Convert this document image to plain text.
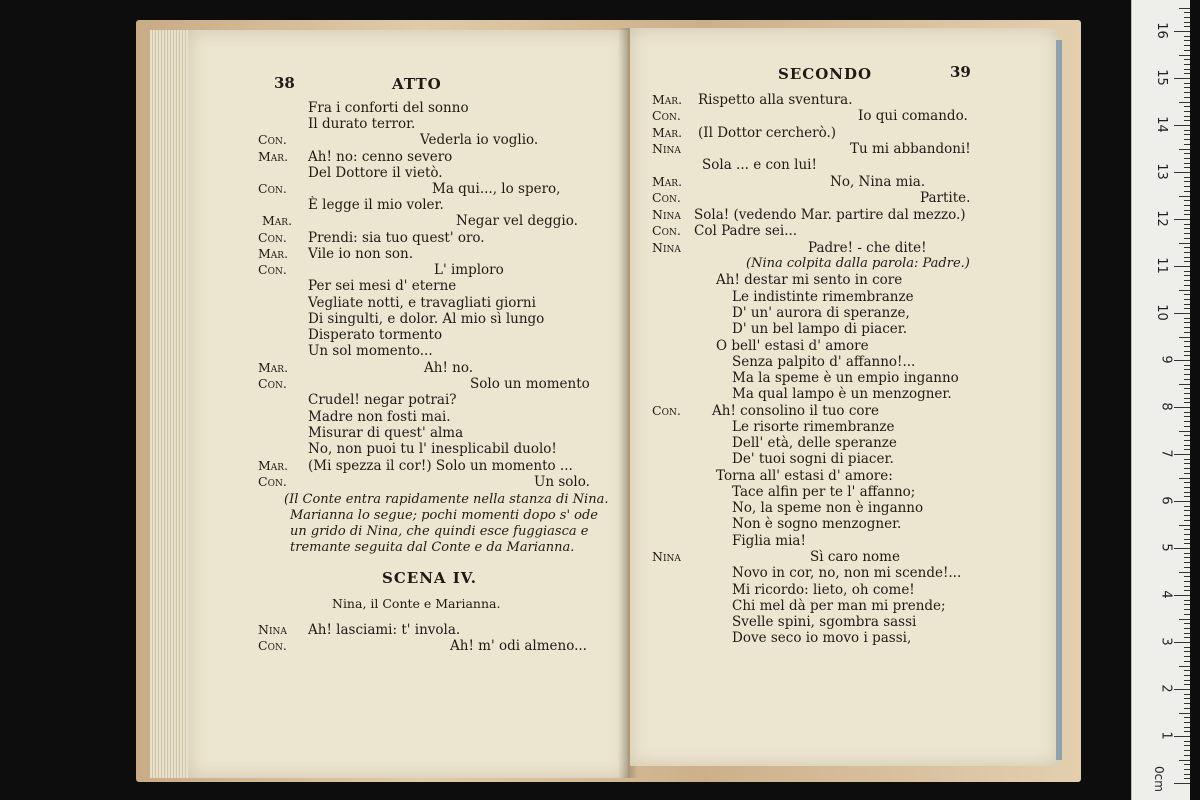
38	ATTO
Fra i conforti del sonno
Il durato terror.
Con.	Vederla io voglio.
Mar. Ah! no: cenno severo
Del Dottore il vietò.
Con.	Ma qui..., lo spero,
È legge il mio voler.
Mar.	Negar vel deggio.
Con. Prendi: sia tuo quest' oro.
Mar. Vile io non son.
Con.	L' imploro
Per sei mesi d' eterne
Vegliate notti, e travagliati giorni
Di singulti, e dolor. Al mio sì lungo
Disperato tormento
Un sol momento...
Mar.	Ah! no.
Con.	Solo un momento
Crudel! negar potrai?
Madre non fosti mai.
Misurar di quest' alma
No, non puoi tu l' inesplicabil duolo!
Mar. (Mi spezza il cor!) Solo un momento ...
Con.	Un solo.
(Il Conte entra rapidamente nella stanza di Nina.
Marianna lo segue; pochi momenti dopo s' ode
un grido di Nina, che quindi esce fuggiasca e
tremante seguita dal Conte e da Marianna.
SCENA IV.
Nina, il Conte e Marianna.
Nina Ah! lasciami: t' invola.
Con.	Ah! m' odi almeno...
SECONDO	39
Mar. Rispetto alla sventura.
Con.	Io qui comando.
Mar. (Il Dottor cercherò.)
Nina	Tu mi abbandoni!
Sola ... e con lui!
Mar.	No, Nina mia.
Con.	Partite.
Nina Sola! (vedendo Mar. partire dal mezzo.)
Con. Col Padre sei...
Nina	Padre! - che dite!
(Nina colpita dalla parola: Padre.)
Ah! destar mi sento in core
Le indistinte rimembranze
D' un' aurora di speranze,
D' un bel lampo di piacer.
O bell' estasi d' amore
Senza palpito d' affanno!...
Ma la speme è un empio inganno
Ma qual lampo è un menzogner.
Con. Ah! consolino il tuo core
Le risorte rimembranze
Dell' età, delle speranze
De' tuoi sogni di piacer.
Torna all' estasi d' amore:
Tace alfin per te l' affanno;
No, la speme non è inganno
Non è sogno menzogner.
Figlia mia!
Nina	Sì caro nome
Novo in cor, no, non mi scende!...
Mi ricordo: lieto, oh come!
Chi mel dà per man mi prende;
Svelle spini, sgombra sassi
Dove seco io movo i passi,
1
2
3
4
5
6
7
8
9
10
11
12
13
14
15
16
0cm
